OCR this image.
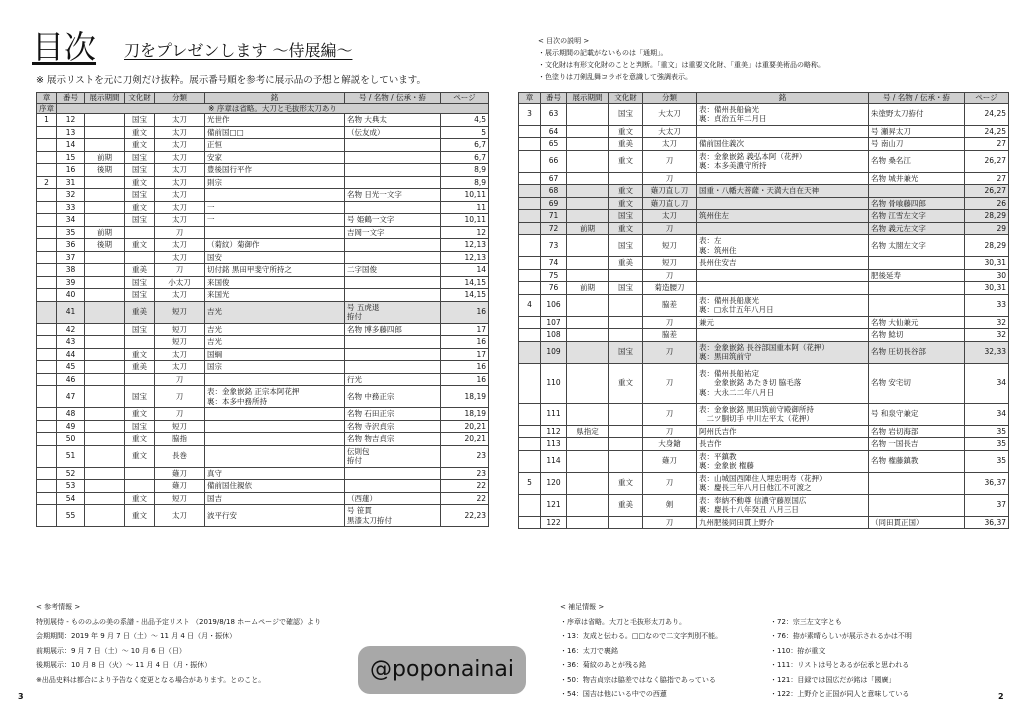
目次 刀をプレゼンします 〜侍展編〜
※ 展示リストを元に刀剣だけ抜粋。展示番号順を参考に展示品の予想と解説をしています。
< 目次の説明 >
・展示期間の記載がないものは「通期」。
・文化財は有形文化財のことと判断。「重文」は重要文化財、「重美」は重要美術品の略称。
・色塗りは刀剣乱舞コラボを意識して強調表示。
章	番号	展示期間	文化財	分類	銘	号 / 名物 / 伝承・拵	ページ
序章	※ 序章は省略。大刀と毛抜形太刀あり						
1	12		国宝	太刀	光世作	名物 大典太	4,5
	13		重文	太刀	備前国□□	（伝友成）	5
	14		重文	太刀	正恒		6,7
	15	前期	国宝	太刀	安家		6,7
	16	後期	国宝	太刀	豊後国行平作		8,9
2	31		重文	太刀	則宗		8,9
	32		国宝	太刀		名物 日光一文字	10,11
	33		重文	太刀	一		11
	34		国宝	太刀	一	号 姫鶴一文字	10,11
	35	前期		刀		吉岡一文字	12
	36	後期	重文	太刀	（菊紋）菊御作		12,13
	37			太刀	国安		12,13
	38		重美	刀	切付銘 黒田甲斐守所持之	二字国俊	14
	39		国宝	小太刀	来国俊		14,15
	40		国宝	太刀	来国光		14,15
	41		重美	短刀	吉光	号 五虎退
拵付	16
	42		国宝	短刀	吉光	名物 博多藤四郎	17
	43			短刀	吉光		16
	44		重文	太刀	国綱		17
	45		重美	太刀	国宗		16
	46			刀		行光	16
	47		国宝	刀	表：金象嵌銘 正宗本阿花押
裏：本多中務所持	名物 中務正宗	18,19
	48		重文	刀		名物 石田正宗	18,19
	49		国宝	短刀		名物 寺沢貞宗	20,21
	50		重文	脇指		名物 物吉貞宗	20,21
	51		重文	長巻		伝則包
拵付	23
	52			薙刀	真守		23
	53			薙刀	備前国住親依		22
	54		重文	短刀	国吉	（西蓮）	22
	55		重文	太刀	波平行安	号 笹貫
黒漆太刀拵付	22,23
章	番号	展示期間	文化財	分類	銘	号 / 名物 / 伝承・拵	ページ
3	63		国宝	大太刀	表：備州長船倫光
裏：貞治五年二月日	朱塗野太刀拵付	24,25
	64		重文	大太刀		号 瀬昇太刀	24,25
	65		重美	太刀	備前国住義次	号 南山刀	27
	66		重文	刀	表：金象嵌銘 義弘本阿（花押）
裏：本多美濃守所持	名物 桑名江	26,27
	67			刀		名物 城井兼光	27
	68		重文	薙刀直し刀	国重・八幡大菩薩・天満大自在天神		26,27
	69		重文	薙刀直し刀		名物 骨喰藤四郎	26
	71		国宝	太刀	筑州住左	名物 江雪左文字	28,29
	72	前期	重文	刀		名物 義元左文字	29
	73		国宝	短刀	表：左
裏：筑州住	名物 太閤左文字	28,29
	74		重美	短刀	長州住安吉		30,31
	75			刀		肥後延寿	30
	76	前期	国宝	菊造腰刀			30,31
4	106			脇差	表：備州長船康光
裏：□永廿五年八月日		33
	107			刀	兼元	名物 大仙兼元	32
	108			脇差		名物 鯰切	32
	109		国宝	刀	表：金象嵌銘 長谷部国重本阿（花押）
裏：黒田筑前守	名物 圧切長谷部	32,33
	110		重文	刀	表：備州長船祐定
　　金象嵌銘 あたき切 脇毛落
裏：大永二二年八月日	名物 安宅切	34
	111			刀	表：金象嵌銘 黒田筑前守殿御所持
　二ツ胴切手 中川左平太（花押）	号 和泉守兼定	34
	112	県指定		刀	阿州氏吉作	名物 岩切海部	35
	113			大身鎗	長吉作	名物 一国長吉	35
	114			薙刀	表：平鎮教
裏：金象嵌 権藤	名物 権藤鎮教	35
5	120		重文	刀	表：山城国西陣住人埋忠明寿（花押）
裏：慶長三年八月日他江不可渡之		36,37
	121		重美	剣	表：奉納不動尊 信濃守藤原国広
裏：慶長十八年癸丑 八月三日		37
	122			刀	九州肥後同田貫上野介	（同田貫正国）	36,37
< 参考情報 >
特別展侍 - もののふの美の系譜 - 出品予定リスト （2019/8/18 ホームページで確認）より
会期期間：2019 年 9 月 7 日（土）〜 11 月 4 日（月・振休）
前期展示：9 月 7 日（土）〜 10 月 6 日（日）
後期展示：10 月 8 日（火）〜 11 月 4 日（月・振休）
※出品史料は都合により予告なく変更となる場合があります。とのこと。	@poponainai
< 補足情報 >
・序章は省略。大刀と毛抜形太刀あり。
・13：友成と伝わる。□□なので二文字判別不能。
・16：太刀で裏銘
・36：菊紋のあとが残る銘
・50：物吉貞宗は脇差ではなく脇指であっている
・54：国吉は他にいる中での西蓮
・72：宗三左文字とも
・76：拵が素晴らしいが展示されるかは不明
・110：拵が重文
・111：リストは号とあるが伝承と思われる
・121：目録では国広だが銘は「國廣」
・122：上野介と正国が同人と意味している
3	2
